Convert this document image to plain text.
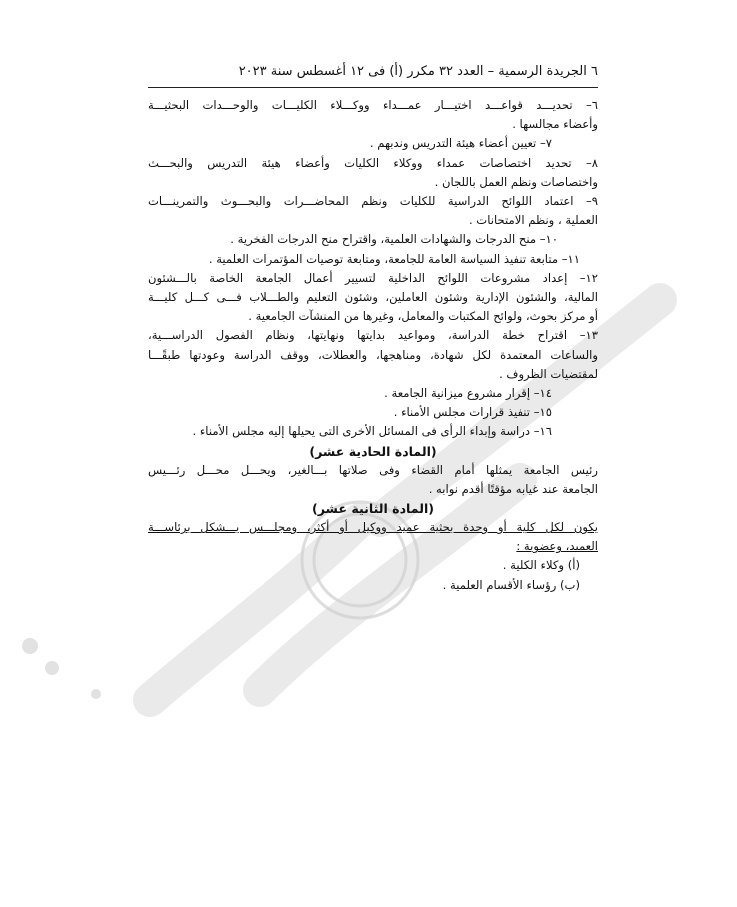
٦ الجريدة الرسمية – العدد ٣٢ مكرر (أ) فى ١٢ أغسطس سنة ٢٠٢٣
٦– تحديـــد قواعـــد اختيـــار عمـــداء ووكـــلاء الكليـــات والوحـــدات البحثيـــة
وأعضاء مجالسها .
٧– تعيين أعضاء هيئة التدريس وندبهم .
٨– تحديد اختصاصات عمداء ووكلاء الكليات وأعضاء هيئة التدريس والبحـــث
واختصاصات ونظم العمل باللجان .
٩– اعتماد اللوائح الدراسية للكليات ونظم المحاضـــرات والبحـــوث والتمرينـــات
العملية ، ونظم الامتحانات .
١٠– منح الدرجات والشهادات العلمية، واقتراح منح الدرجات الفخرية .
١١– متابعة تنفيذ السياسة العامة للجامعة، ومتابعة توصيات المؤتمرات العلمية .
١٢– إعداد مشروعات اللوائح الداخلية لتسيير أعمال الجامعة الخاصة بالـــشئون
المالية، والشئون الإدارية وشئون العاملين، وشئون التعليم والطـــلاب فـــى كـــل كليـــة
أو مركز بحوث، ولوائح المكتبات والمعامل، وغيرها من المنشآت الجامعية .
١٣– اقتراح خطة الدراسة، ومواعيد بدايتها ونهايتها، ونظام الفصول الدراســـية،
والساعات المعتمدة لكل شهادة، ومناهجها، والعطلات، ووقف الدراسة وعودتها طبقًـــا
لمقتضيات الظروف .
١٤– إقرار مشروع ميزانية الجامعة .
١٥– تنفيذ قرارات مجلس الأمناء .
١٦– دراسة وإبداء الرأى فى المسائل الأخرى التى يحيلها إليه مجلس الأمناء .
(المادة الحادية عشر)
رئيس الجامعة يمثلها أمام القضاء وفى صلاتها بـــالغير، ويحـــل محـــل رئـــيس
الجامعة عند غيابه مؤقتًا أقدم نوابه .
(المادة الثانية عشر)
يكون لكل كلية أو وحدة بحثية عميد ووكيل أو أكثر، ومجلـــس يـــشكل برئاســـة
العميد، وعضوية :
(أ) وكلاء الكلية .
(ب) رؤساء الأقسام العلمية .
